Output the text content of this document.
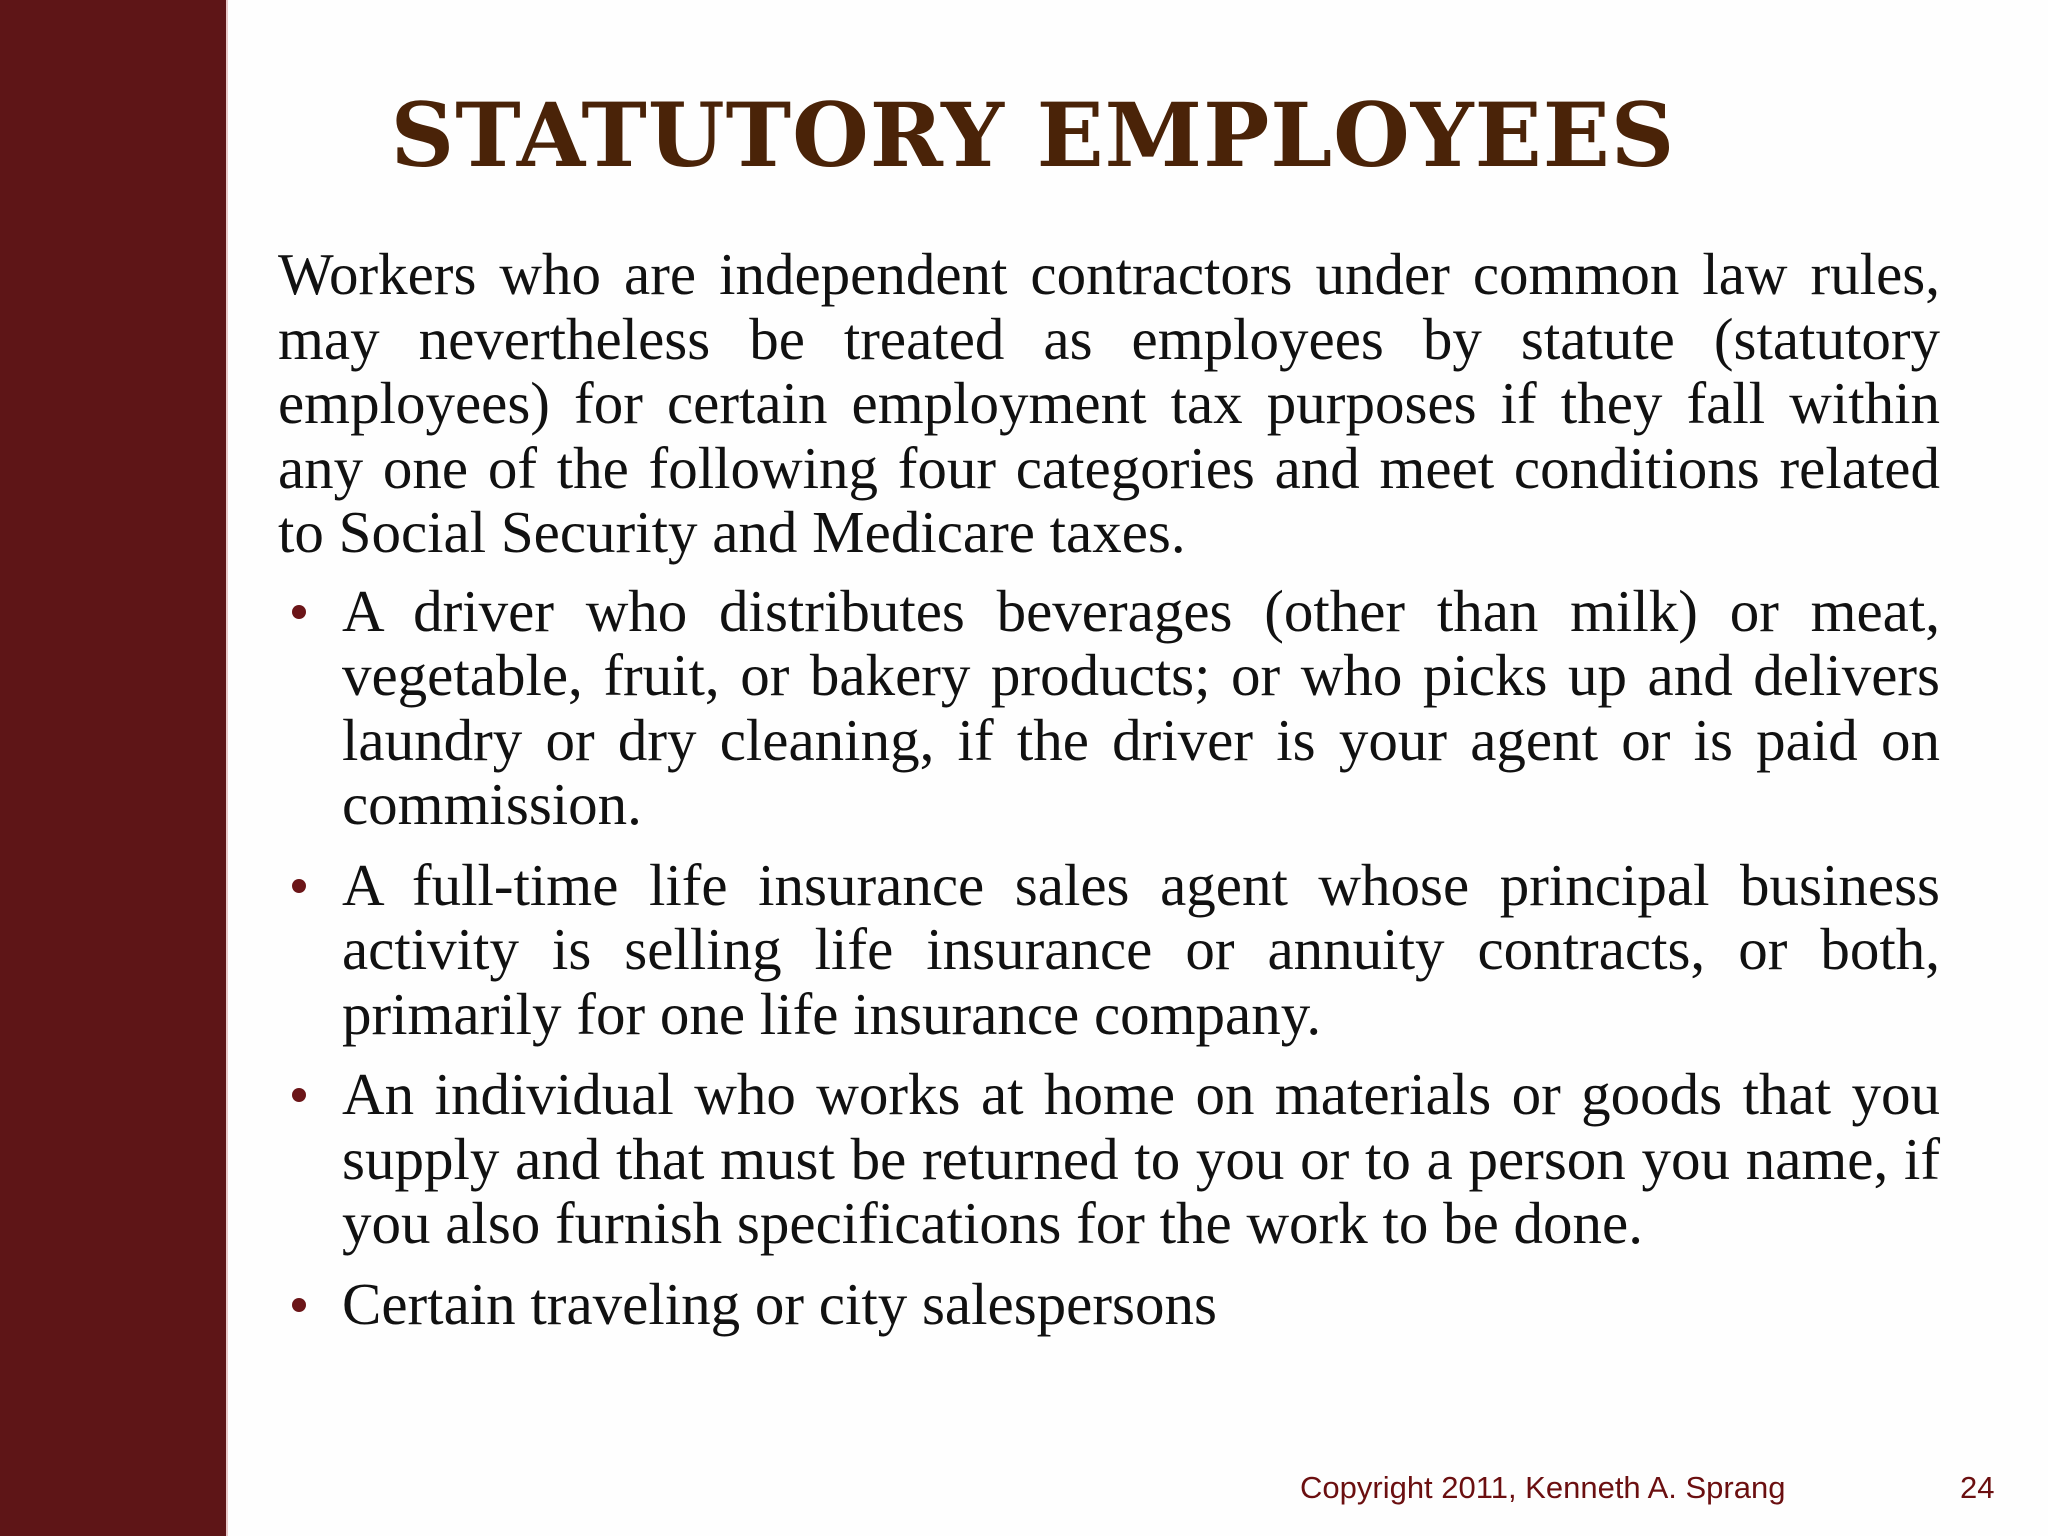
STATUTORY EMPLOYEES

Workers who are independent contractors under common law rules, may nevertheless be treated as employees by statute (statutory employees) for certain employment tax purposes if they fall within any one of the following four categories and meet conditions related to Social Security and Medicare taxes.

A driver who distributes beverages (other than milk) or meat, vegetable, fruit, or bakery products; or who picks up and delivers laundry or dry cleaning, if the driver is your agent or is paid on commission.
A full-time life insurance sales agent whose principal business activity is selling life insurance or annuity contracts, or both, primarily for one life insurance company.
An individual who works at home on materials or goods that you supply and that must be returned to you or to a person you name, if you also furnish specifications for the work to be done.
Certain traveling or city salespersons
Copyright 2011, Kenneth A. Sprang	24
